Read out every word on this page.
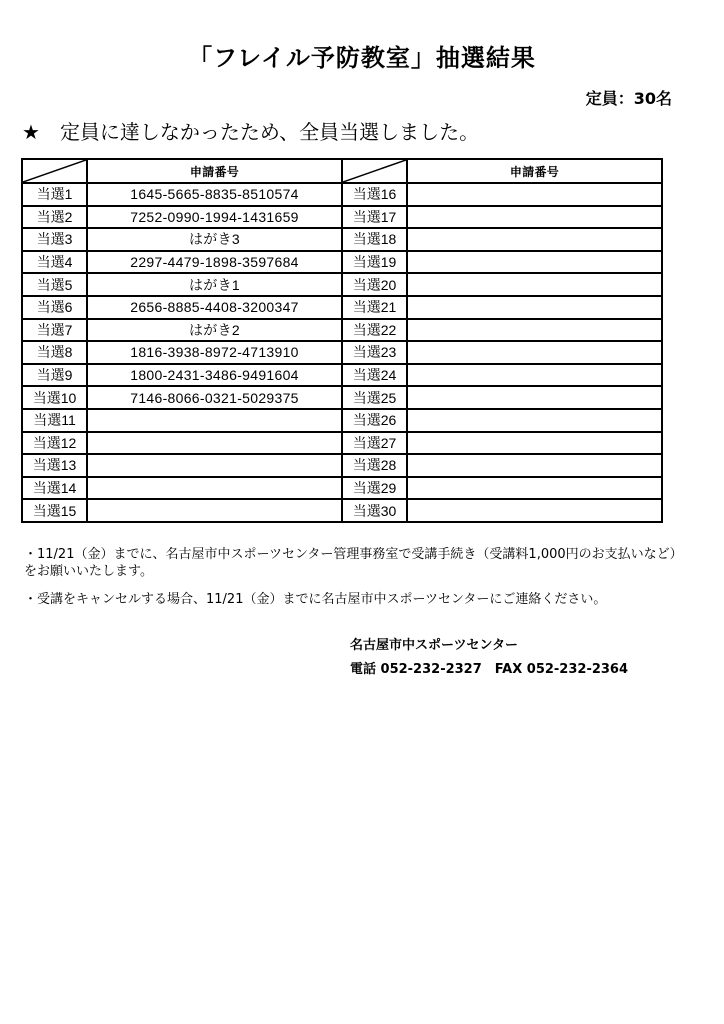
「フレイル予防教室」抽選結果
定員：30名
★ 定員に達しなかったため、全員当選しました。
	申請番号		申請番号
当選1	1645-5665-8835-8510574	当選16	
当選2	7252-0990-1994-1431659	当選17	
当選3	はがき3	当選18	
当選4	2297-4479-1898-3597684	当選19	
当選5	はがき1	当選20	
当選6	2656-8885-4408-3200347	当選21	
当選7	はがき2	当選22	
当選8	1816-3938-8972-4713910	当選23	
当選9	1800-2431-3486-9491604	当選24	
当選10	7146-8066-0321-5029375	当選25	
当選11		当選26	
当選12		当選27	
当選13		当選28	
当選14		当選29	
当選15		当選30	

・11/21（金）までに、名古屋市中スポーツセンター管理事務室で受講手続き（受講料1,000円のお支払いなど）をお願いいたします。

・受講をキャンセルする場合、11/21（金）までに名古屋市中スポーツセンターにご連絡ください。

名古屋市中スポーツセンター
電話 052-232-2327　FAX 052-232-2364
